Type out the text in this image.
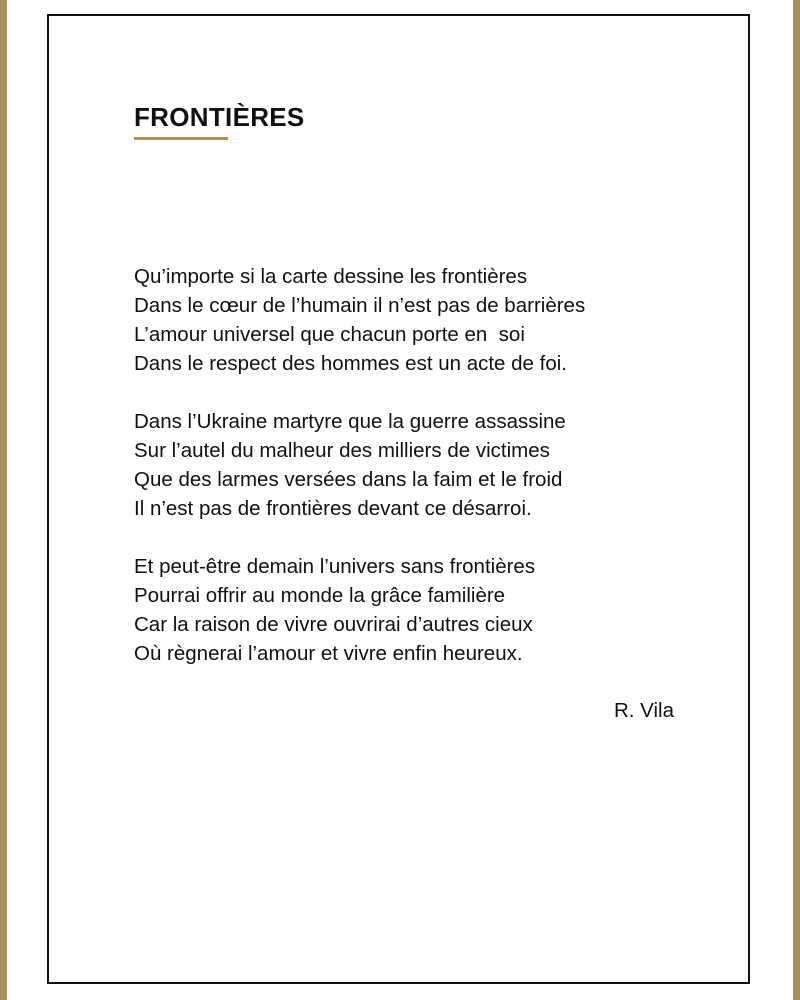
FRONTIÈRES
Qu’importe si la carte dessine les frontières
Dans le cœur de l’humain il n’est pas de barrières
L’amour universel que chacun porte en  soi
Dans le respect des hommes est un acte de foi.
Dans l’Ukraine martyre que la guerre assassine
Sur l’autel du malheur des milliers de victimes
Que des larmes versées dans la faim et le froid
Il n’est pas de frontières devant ce désarroi.
Et peut-être demain l’univers sans frontières
Pourrai offrir au monde la grâce familière
Car la raison de vivre ouvrirai d’autres cieux
Où règnerai l’amour et vivre enfin heureux.
R. Vila
